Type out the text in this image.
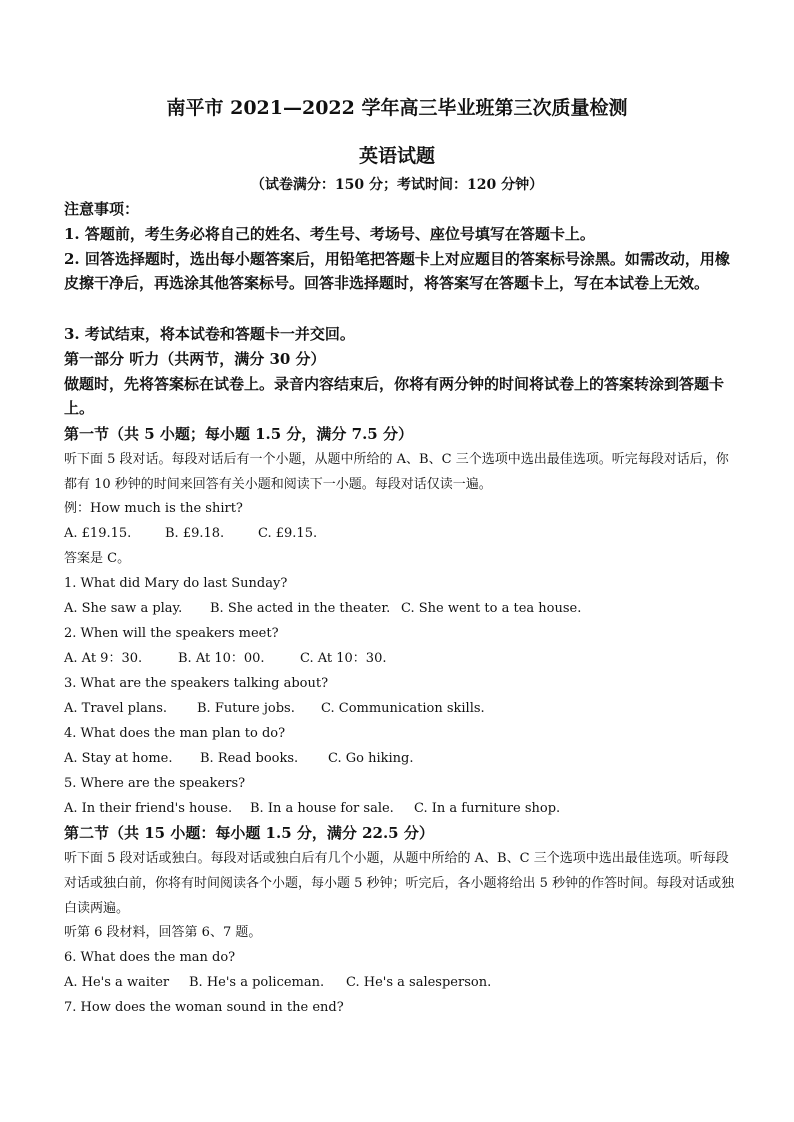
南平市 2021—2022 学年高三毕业班第三次质量检测
英语试题
（试卷满分：150 分；考试时间：120 分钟）
注意事项：
1. 答题前，考生务必将自己的姓名、考生号、考场号、座位号填写在答题卡上。
2. 回答选择题时，选出每小题答案后，用铅笔把答题卡上对应题目的答案标号涂黑。如需改动，用橡皮擦干净后，再选涂其他答案标号。回答非选择题时，将答案写在答题卡上，写在本试卷上无效。
3. 考试结束，将本试卷和答题卡一并交回。
第一部分 听力（共两节，满分 30 分）
做题时，先将答案标在试卷上。录音内容结束后，你将有两分钟的时间将试卷上的答案转涂到答题卡上。
第一节（共 5 小题；每小题 1.5 分，满分 7.5 分）
听下面 5 段对话。每段对话后有一个小题，从题中所给的 A、B、C 三个选项中选出最佳选项。听完每段对话后，你都有 10 秒钟的时间来回答有关小题和阅读下一小题。每段对话仅读一遍。
例：How much is the shirt?
A. £19.15.	B. £9.18.	C. £9.15.
答案是 C。
1. What did Mary do last Sunday?
A. She saw a play. B. She acted in the theater. C. She went to a tea house.
2. When will the speakers meet?
A. At 9：30.	B. At 10：00.	C. At 10：30.
3. What are the speakers talking about?
A. Travel plans. B. Future jobs. C. Communication skills.
4. What does the man plan to do?
A. Stay at home. B. Read books. C. Go hiking.
5. Where are the speakers?
A. In their friend's house. B. In a house for sale. C. In a furniture shop.
第二节（共 15 小题：每小题 1.5 分，满分 22.5 分）
听下面 5 段对话或独白。每段对话或独白后有几个小题，从题中所给的 A、B、C 三个选项中选出最佳选项。听每段对话或独白前，你将有时间阅读各个小题，每小题 5 秒钟；听完后，各小题将给出 5 秒钟的作答时间。每段对话或独白读两遍。
听第 6 段材料，回答第 6、7 题。
6. What does the man do?
A. He's a waiter B. He's a policeman. C. He's a salesperson.
7. How does the woman sound in the end?
